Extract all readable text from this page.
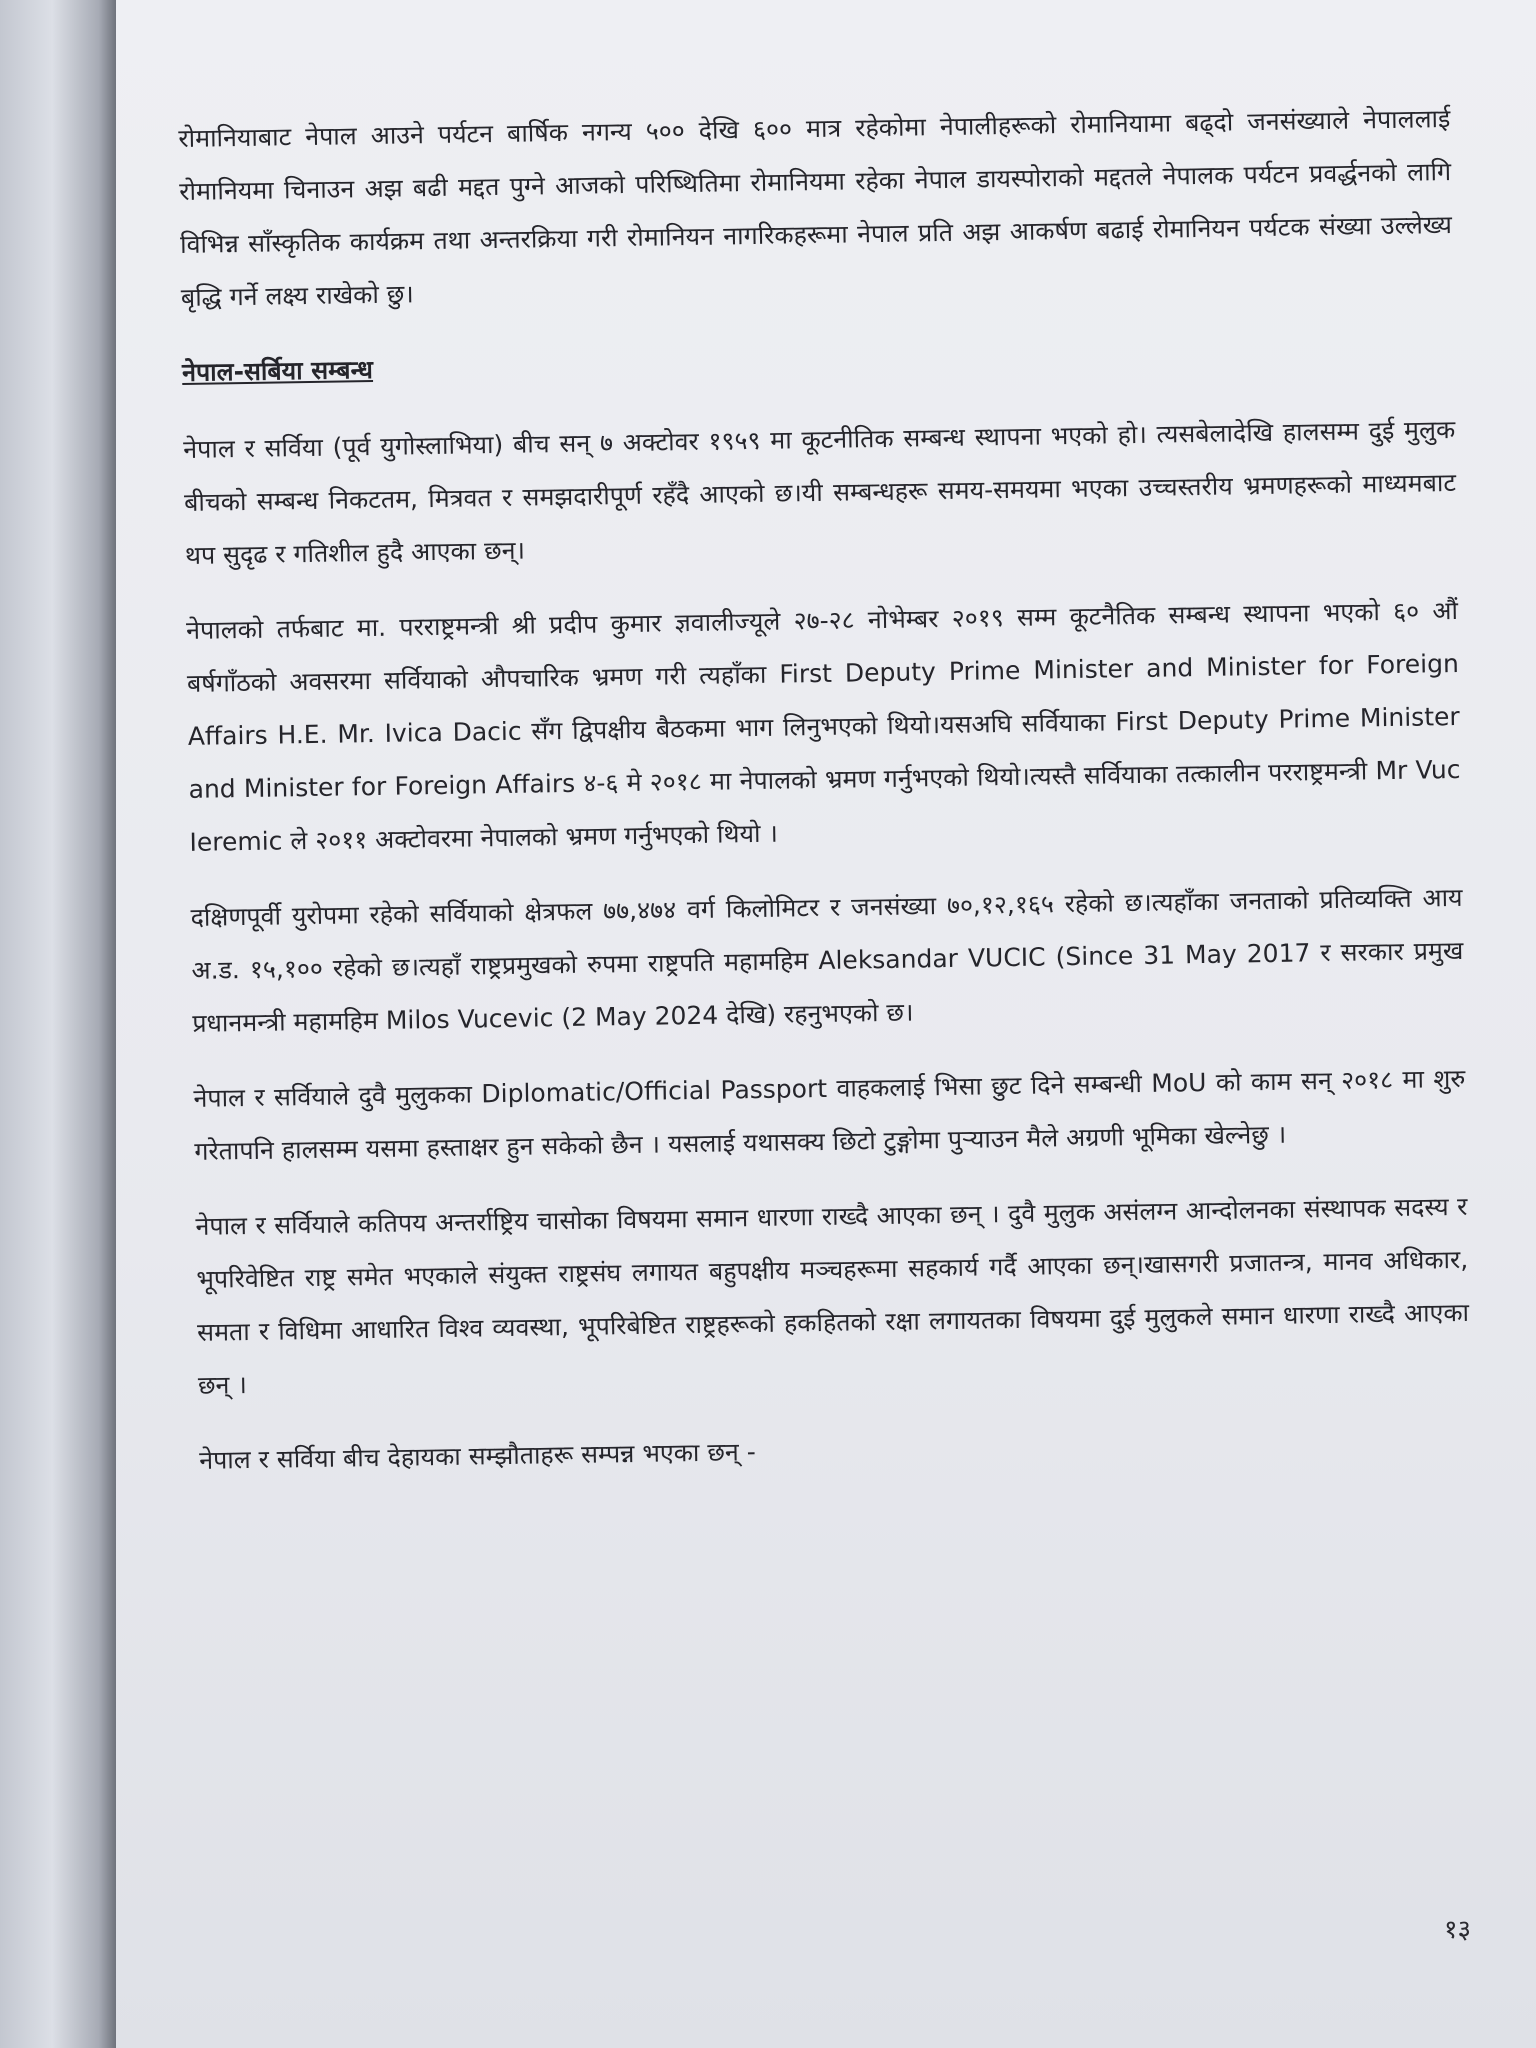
रोमानियाबाट नेपाल आउने पर्यटन बार्षिक नगन्य ५०० देखि ६०० मात्र रहेकोमा नेपालीहरूको रोमानियामा बढ्दो जनसंख्याले नेपाललाई रोमानियमा चिनाउन अझ बढी मद्दत पुग्ने आजको परिष्थितिमा रोमानियमा रहेका नेपाल डायस्पोराको मद्दतले नेपालक पर्यटन प्रवर्द्धनको लागि विभिन्न साँस्कृतिक कार्यक्रम तथा अन्तरक्रिया गरी रोमानियन नागरिकहरूमा नेपाल प्रति अझ आकर्षण बढाई रोमानियन पर्यटक संख्या उल्लेख्य बृद्धि गर्ने लक्ष्य राखेको छु।

नेपाल-सर्बिया सम्बन्ध

नेपाल र सर्विया (पूर्व युगोस्लाभिया) बीच सन् ७ अक्टोवर १९५९ मा कूटनीतिक सम्बन्ध स्थापना भएको हो। त्यसबेलादेखि हालसम्म दुई मुलुक बीचको सम्बन्ध निकटतम, मित्रवत र समझदारीपूर्ण रहँदै आएको छ।यी सम्बन्धहरू समय-समयमा भएका उच्चस्तरीय भ्रमणहरूको माध्यमबाट थप सुदृढ र गतिशील हुदै आएका छन्।

नेपालको तर्फबाट मा. परराष्ट्रमन्त्री श्री प्रदीप कुमार ज्ञवालीज्यूले २७-२८ नोभेम्बर २०१९ सम्म कूटनैतिक सम्बन्ध स्थापना भएको ६० औं बर्षगाँठको अवसरमा सर्वियाको औपचारिक भ्रमण गरी त्यहाँका First Deputy Prime Minister and Minister for Foreign Affairs H.E. Mr. Ivica Dacic सँग द्विपक्षीय बैठकमा भाग लिनुभएको थियो।यसअघि सर्वियाका First Deputy Prime Minister and Minister for Foreign Affairs ४-६ मे २०१८ मा नेपालको भ्रमण गर्नुभएको थियो।त्यस्तै सर्वियाका तत्कालीन परराष्ट्रमन्त्री Mr Vuc Ieremic ले २०११ अक्टोवरमा नेपालको भ्रमण गर्नुभएको थियो ।

दक्षिणपूर्वी युरोपमा रहेको सर्वियाको क्षेत्रफल ७७,४७४ वर्ग किलोमिटर र जनसंख्या ७०,१२,१६५ रहेको छ।त्यहाँका जनताको प्रतिव्यक्ति आय अ.ड. १५,१०० रहेको छ।त्यहाँ राष्ट्रप्रमुखको रुपमा राष्ट्रपति महामहिम Aleksandar VUCIC (Since 31 May 2017 र सरकार प्रमुख प्रधानमन्त्री महामहिम Milos Vucevic (2 May 2024 देखि) रहनुभएको छ।

नेपाल र सर्वियाले दुवै मुलुकका Diplomatic/Official Passport वाहकलाई भिसा छुट दिने सम्बन्धी MoU को काम सन् २०१८ मा शुरु गरेतापनि हालसम्म यसमा हस्ताक्षर हुन सकेको छैन । यसलाई यथासक्य छिटो टुङ्गोमा पुऱ्याउन मैले अग्रणी भूमिका खेल्नेछु ।

नेपाल र सर्वियाले कतिपय अन्तर्राष्ट्रिय चासोका विषयमा समान धारणा राख्दै आएका छन् । दुवै मुलुक असंलग्न आन्दोलनका संस्थापक सदस्य र भूपरिवेष्टित राष्ट्र समेत भएकाले संयुक्त राष्ट्रसंघ लगायत बहुपक्षीय मञ्चहरूमा सहकार्य गर्दै आएका छन्।खासगरी प्रजातन्त्र, मानव अधिकार, समता र विधिमा आधारित विश्व व्यवस्था, भूपरिबेष्टित राष्ट्रहरूको हकहितको रक्षा लगायतका विषयमा दुई मुलुकले समान धारणा राख्दै आएका छन् ।

नेपाल र सर्विया बीच देहायका सम्झौताहरू सम्पन्न भएका छन् -

१३
